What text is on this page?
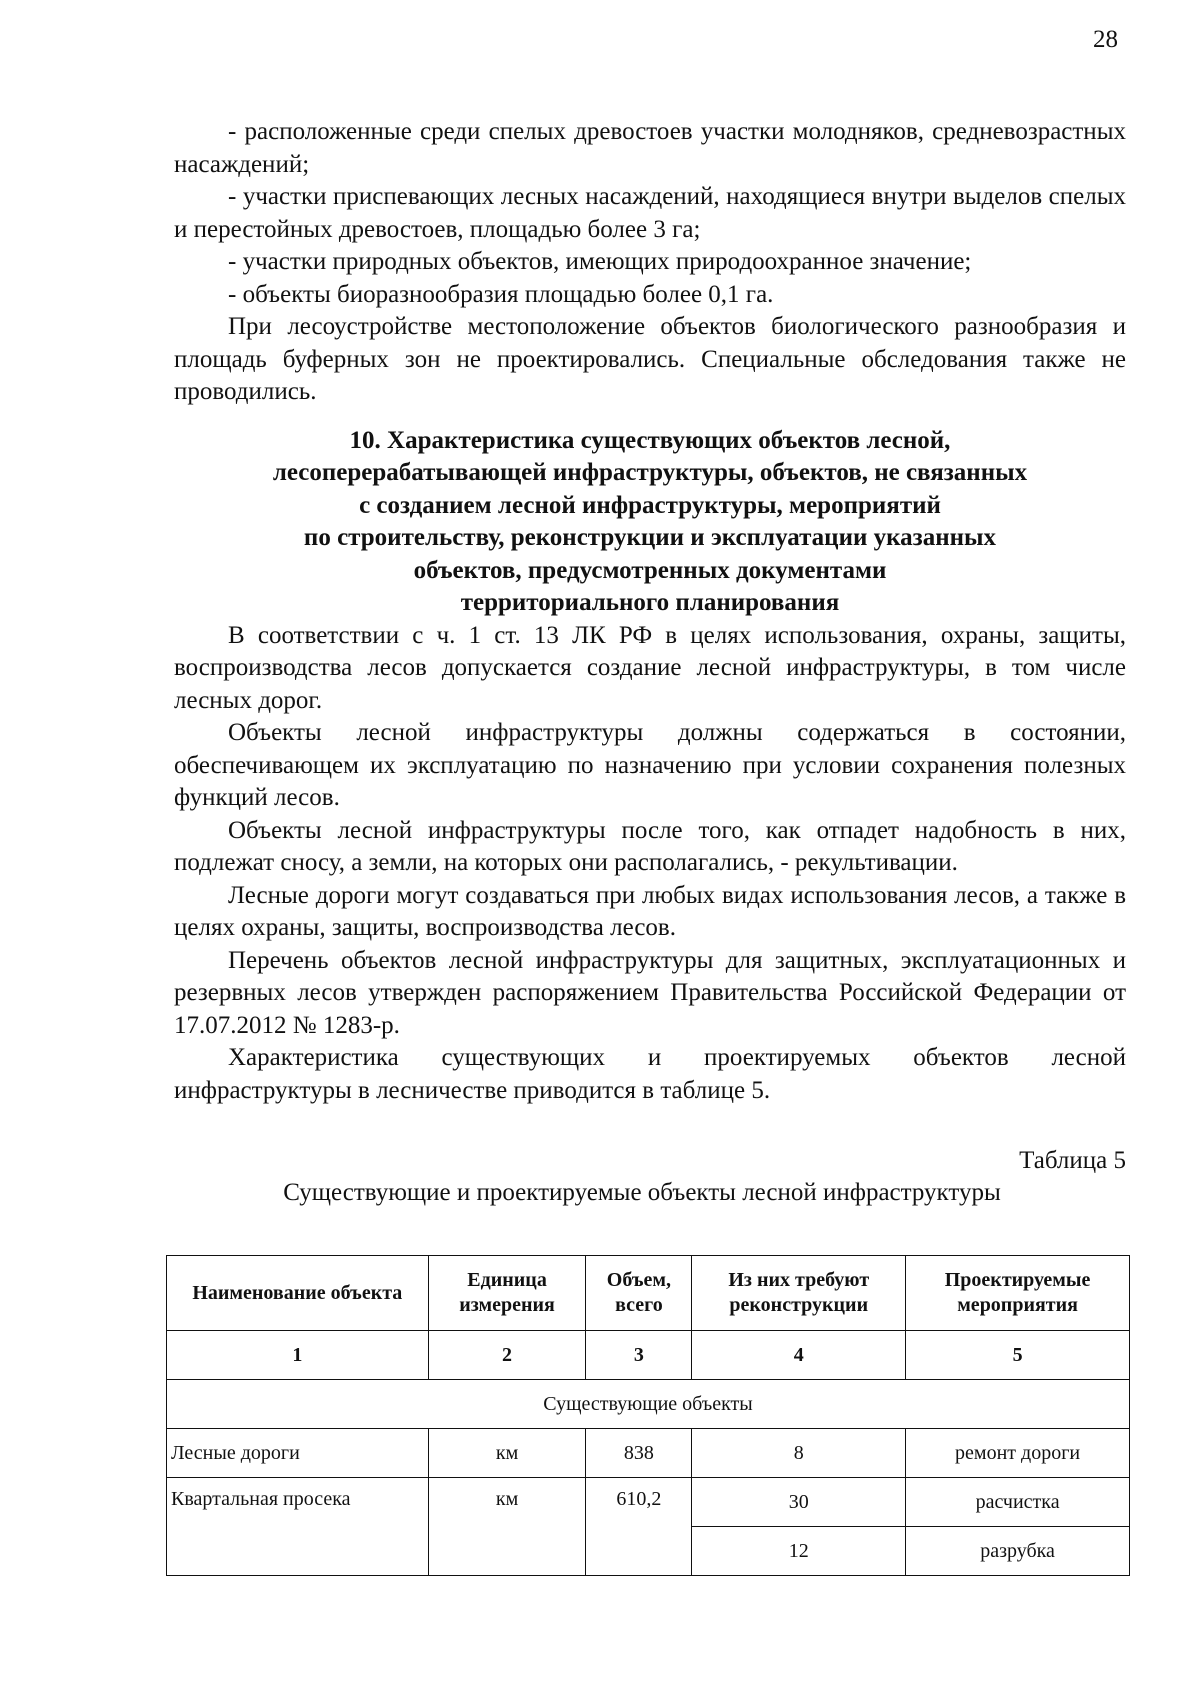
28

- расположенные среди спелых древостоев участки молодняков, средневозрастных насаждений;

- участки приспевающих лесных насаждений, находящиеся внутри выделов спелых и перестойных древостоев, площадью более 3 га;

- участки природных объектов, имеющих природоохранное значение;

- объекты биоразнообразия площадью более 0,1 га.

При лесоустройстве местоположение объектов биологического разнообразия и площадь буферных зон не проектировались. Специальные обследования также не проводились.

10. Характеристика существующих объектов лесной,
лесоперерабатывающей инфраструктуры, объектов, не связанных
с созданием лесной инфраструктуры, мероприятий
по строительству, реконструкции и эксплуатации указанных
объектов, предусмотренных документами
территориального планирования

В соответствии с ч. 1 ст. 13 ЛК РФ в целях использования, охраны, защиты, воспроизводства лесов допускается создание лесной инфраструктуры, в том числе лесных дорог.

Объекты лесной инфраструктуры должны содержаться в состоянии, обеспечивающем их эксплуатацию по назначению при условии сохранения полезных функций лесов.

Объекты лесной инфраструктуры после того, как отпадет надобность в них, подлежат сносу, а земли, на которых они располагались, - рекультивации.

Лесные дороги могут создаваться при любых видах использования лесов, а также в целях охраны, защиты, воспроизводства лесов.

Перечень объектов лесной инфраструктуры для защитных, эксплуатационных и резервных лесов утвержден распоряжением Правительства Российской Федерации от 17.07.2012 № 1283-р.

Характеристика существующих и проектируемых объектов лесной инфраструктуры в лесничестве приводится в таблице 5.

Таблица 5
Существующие и проектируемые объекты лесной инфраструктуры
Наименование объекта	Единица измерения	Объем, всего	Из них требуют реконструкции	Проектируемые мероприятия
1	2	3	4	5
Существующие объекты				
Лесные дороги	км	838	8	ремонт дороги
Квартальная просека	км	610,2	30	расчистка
			12	разрубка
